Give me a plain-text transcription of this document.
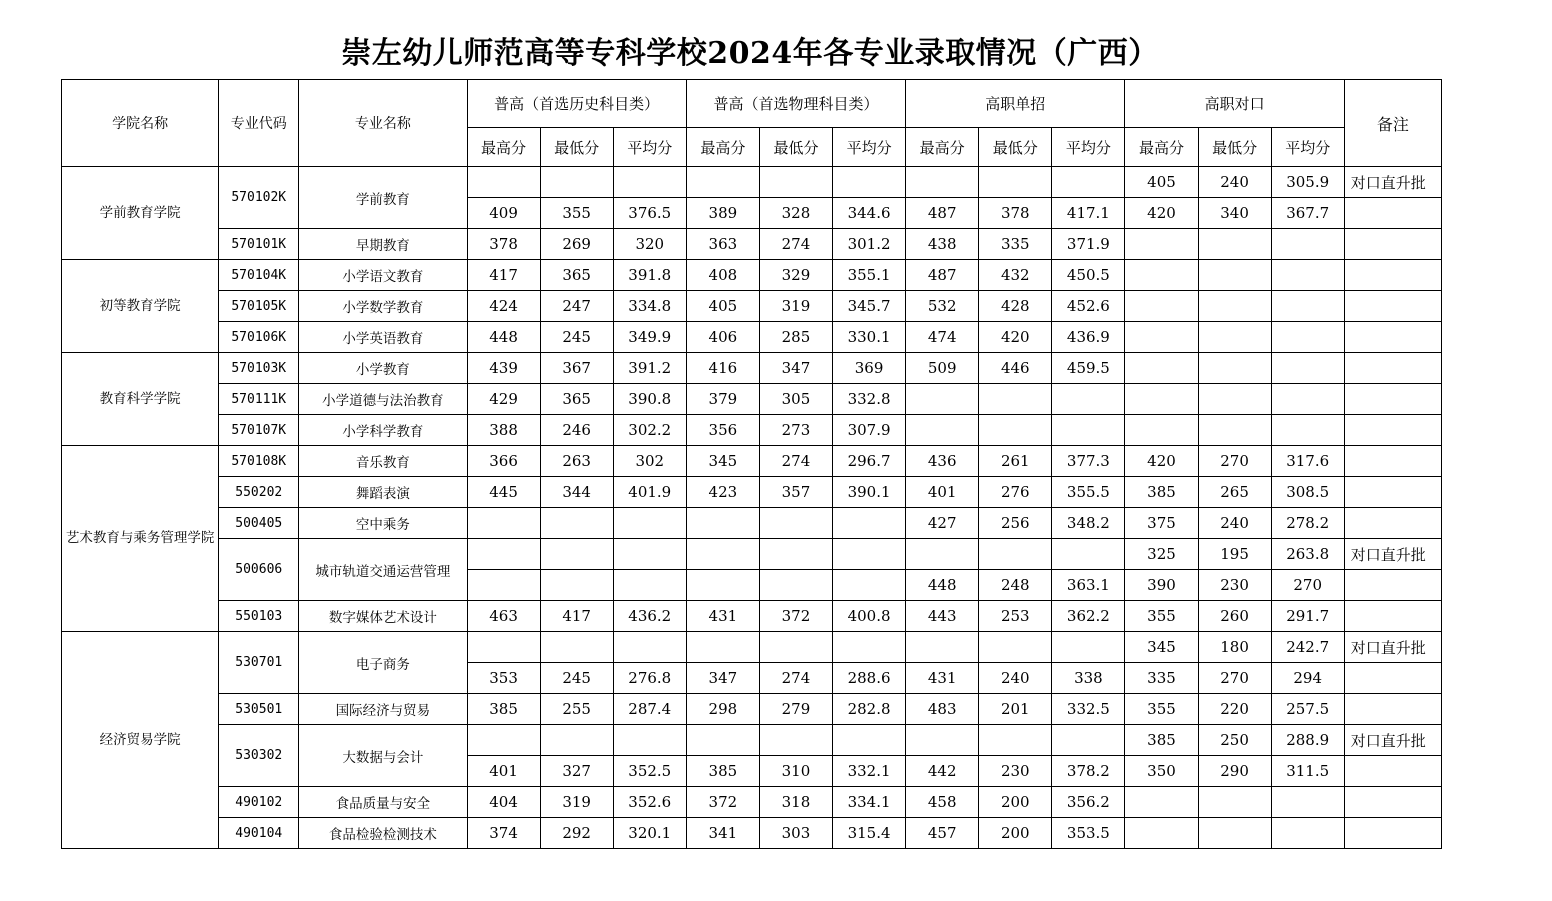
崇左幼儿师范高等专科学校2024年各专业录取情况（广西）
学院名称	专业代码	专业名称	普高（首选历史科目类）			普高（首选物理科目类）			高职单招			高职对口			备注
			最高分	最低分	平均分	最高分	最低分	平均分	最高分	最低分	平均分	最高分	最低分	平均分	
学前教育学院	570102K	学前教育										405	240	305.9	对口直升批
			409	355	376.5	389	328	344.6	487	378	417.1	420	340	367.7	
	570101K	早期教育	378	269	320	363	274	301.2	438	335	371.9				
初等教育学院	570104K	小学语文教育	417	365	391.8	408	329	355.1	487	432	450.5				
	570105K	小学数学教育	424	247	334.8	405	319	345.7	532	428	452.6				
	570106K	小学英语教育	448	245	349.9	406	285	330.1	474	420	436.9				
教育科学学院	570103K	小学教育	439	367	391.2	416	347	369	509	446	459.5				
	570111K	小学道德与法治教育	429	365	390.8	379	305	332.8							
	570107K	小学科学教育	388	246	302.2	356	273	307.9							
艺术教育与乘务管理学院	570108K	音乐教育	366	263	302	345	274	296.7	436	261	377.3	420	270	317.6	
	550202	舞蹈表演	445	344	401.9	423	357	390.1	401	276	355.5	385	265	308.5	
	500405	空中乘务							427	256	348.2	375	240	278.2	
	500606	城市轨道交通运营管理										325	195	263.8	对口直升批
									448	248	363.1	390	230	270	
	550103	数字媒体艺术设计	463	417	436.2	431	372	400.8	443	253	362.2	355	260	291.7	
经济贸易学院	530701	电子商务										345	180	242.7	对口直升批
			353	245	276.8	347	274	288.6	431	240	338	335	270	294	
	530501	国际经济与贸易	385	255	287.4	298	279	282.8	483	201	332.5	355	220	257.5	
	530302	大数据与会计										385	250	288.9	对口直升批
			401	327	352.5	385	310	332.1	442	230	378.2	350	290	311.5	
	490102	食品质量与安全	404	319	352.6	372	318	334.1	458	200	356.2				
	490104	食品检验检测技术	374	292	320.1	341	303	315.4	457	200	353.5				
